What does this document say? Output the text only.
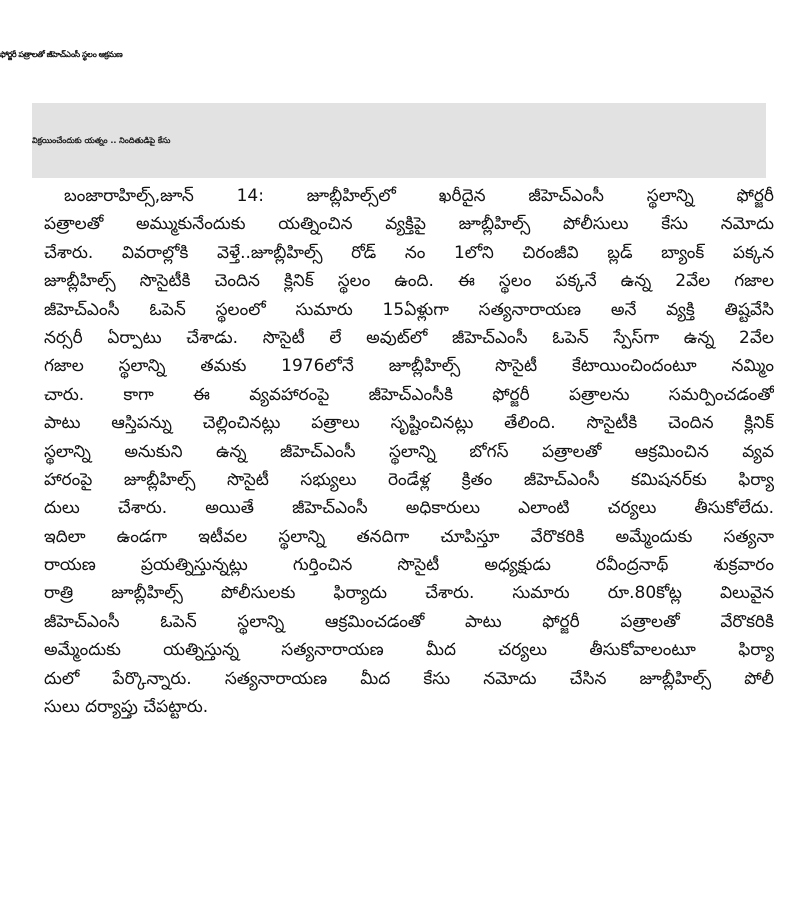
ఫోర్జరీ పత్రాలతో జీహెచ్ఎంసీ స్థలం ఆక్రమణ
విక్రయించేందుకు యత్నం .. నిందితుడిపై కేసు
బంజారాహిల్స్,జూన్ 14: జూబ్లీహిల్స్‌లో ఖరీదైన జీహెచ్ఎంసీ స్థలాన్ని ఫోర్జరీ
పత్రాలతో అమ్ముకునేందుకు యత్నించిన వ్యక్తిపై జూబ్లీహిల్స్ పోలీసులు కేసు నమోదు
చేశారు. వివరాల్లోకి వెళ్తే..జూబ్లీహిల్స్ రోడ్ నం 1లోని చిరంజీవి బ్లడ్ బ్యాంక్ పక్కన
జూబ్లీహిల్స్ సొసైటీకి చెందిన క్లినిక్ స్థలం ఉంది. ఈ స్థలం పక్కనే ఉన్న 2వేల గజాల
జీహెచ్ఎంసీ ఓపెన్ స్థలంలో సుమారు 15ఏళ్లుగా సత్యనారాయణ అనే వ్యక్తి తిష్టవేసి
నర్సరీ ఏర్పాటు చేశాడు. సొసైటీ లే అవుట్‌లో జీహెచ్ఎంసీ ఓపెన్ స్పేస్‌గా ఉన్న 2వేల
గజాల స్థలాన్ని తమకు 1976లోనే జూబ్లీహిల్స్ సొసైటీ కేటాయించిందంటూ నమ్మిం
చారు. కాగా ఈ వ్యవహారంపై జీహెచ్ఎంసీకి ఫోర్జరీ పత్రాలను సమర్పించడంతో
పాటు ఆస్తిపన్ను చెల్లించినట్లు పత్రాలు సృష్టించినట్లు తేలింది. సొసైటీకి చెందిన క్లినిక్
స్థలాన్ని అనుకుని ఉన్న జీహెచ్ఎంసీ స్థలాన్ని బోగస్ పత్రాలతో ఆక్రమించిన వ్యవ
హారంపై జూబ్లీహిల్స్ సొసైటీ సభ్యులు రెండేళ్ల క్రితం జీహెచ్ఎంసీ కమిషనర్‌కు ఫిర్యా
దులు చేశారు. అయితే జీహెచ్ఎంసీ అధికారులు ఎలాంటి చర్యలు తీసుకోలేదు.
ఇదిలా ఉండగా ఇటీవల స్థలాన్ని తనదిగా చూపిస్తూ వేరొకరికి అమ్మేందుకు సత్యనా
రాయణ ప్రయత్నిస్తున్నట్లు గుర్తించిన సొసైటీ అధ్యక్షుడు రవీంద్రనాథ్ శుక్రవారం
రాత్రి జూబ్లీహిల్స్ పోలీసులకు ఫిర్యాదు చేశారు. సుమారు రూ.80కోట్ల విలువైన
జీహెచ్ఎంసీ ఓపెన్ స్థలాన్ని ఆక్రమించడంతో పాటు ఫోర్జరీ పత్రాలతో వేరొకరికి
అమ్మేందుకు యత్నిస్తున్న సత్యనారాయణ మీద చర్యలు తీసుకోవాలంటూ ఫిర్యా
దులో పేర్కొన్నారు. సత్యనారాయణ మీద కేసు నమోదు చేసిన జూబ్లీహిల్స్ పోలీ
సులు దర్యాప్తు చేపట్టారు.
